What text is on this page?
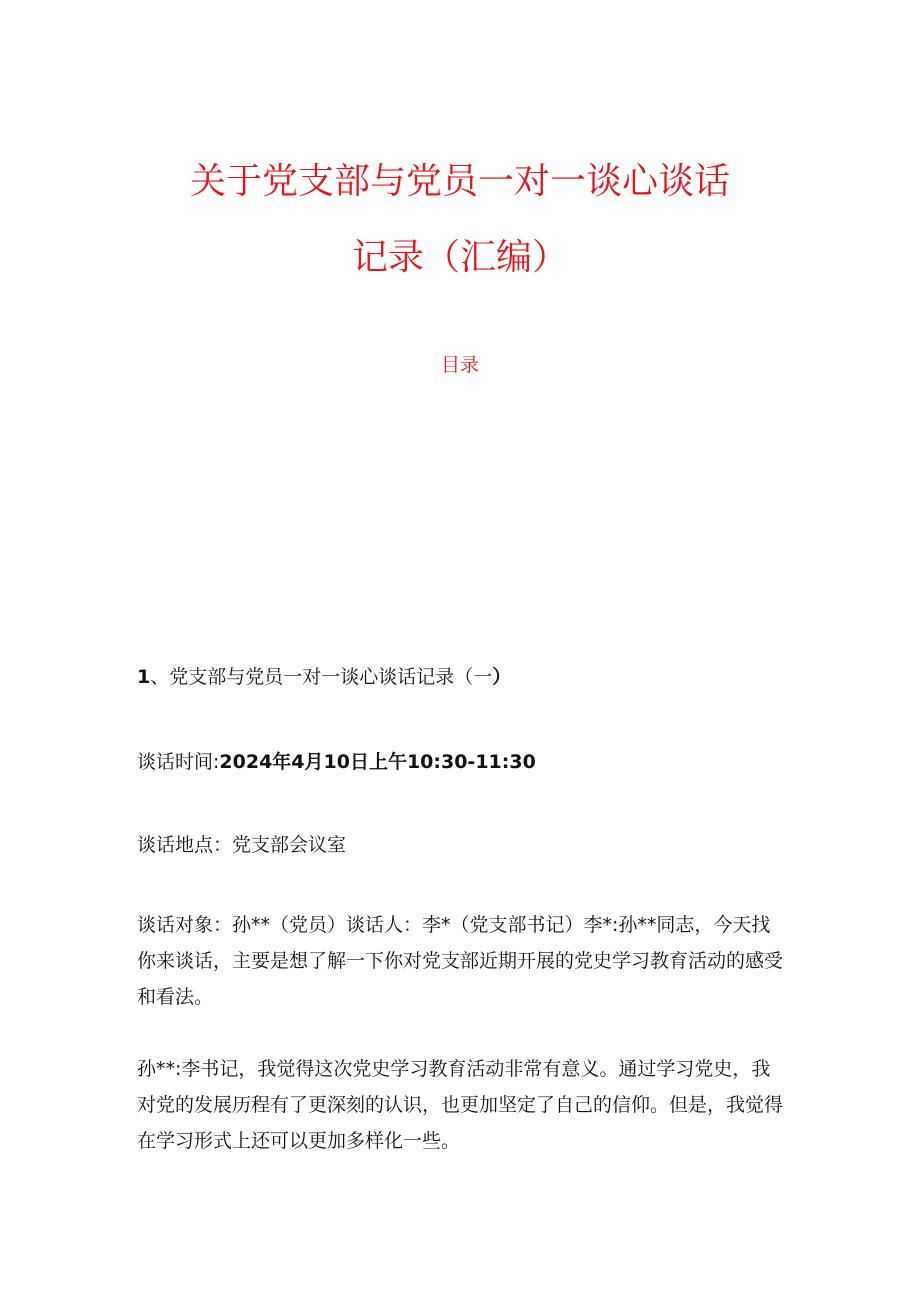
关于党支部与党员一对一谈心谈话
记录（汇编）
目录
1、党支部与党员一对一谈心谈话记录（一）

谈话时间:2024年4月10日上午10:30-11:30

谈话地点：党支部会议室

谈话对象：孙**（党员）谈话人：李*（党支部书记）李*:孙**同志，今天找你来谈话，主要是想了解一下你对党支部近期开展的党史学习教育活动的感受和看法。

孙**:李书记，我觉得这次党史学习教育活动非常有意义。通过学习党史，我对党的发展历程有了更深刻的认识，也更加坚定了自己的信仰。但是，我觉得在学习形式上还可以更加多样化一些。
